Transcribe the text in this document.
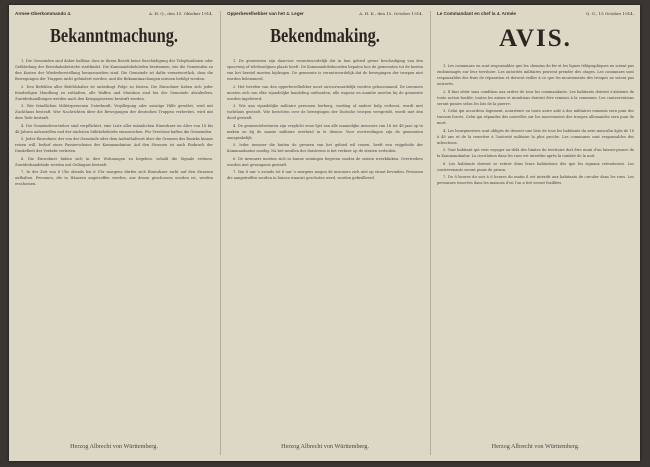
Armee-Oberkommando 4.	A. H. Q., den 15. Oktober 1914.
Bekanntmachung.

1. Die Gemeinden sind daher haftbar, dass in ihrem Bezirk keine Beschädigung der Telephonlinien oder Gefährdung der Eisenbahnbetriebe stattfindet. Die Kommandobehörden bestimmen, wie die Gemeinden zu den Kosten der Wiederherstellung heranzuziehen sind. Die Gemeinde ist dafür verantwortlich, dass die Bewegungen der Truppen nicht gehindert werden, und die Bekanntmachungen müssen befolgt werden.

2. Den Befehlen aller Befehlshaber ist unbedingt Folge zu leisten. Die Einwohner haben sich jeder feindseligen Handlung zu enthalten, alle Waffen und Munition sind bei der Gemeinde abzuliefern, Zuwiderhandlungen werden nach den Kriegsgesetzen bestraft werden.

3. Wer feindlichen Militärpersonen Unterkunft, Verpflegung oder sonstige Hilfe gewährt, wird mit Zuchthaus bestraft. Wer Nachrichten über die Bewegungen der deutschen Truppen verbreitet, wird mit dem Tode bestraft.

4. Die Gemeindevorsteher sind verpflichtet, eine Liste aller männlichen Einwohner im Alter von 18 bis 48 Jahren aufzustellen und der nächsten Militärbehörde einzureichen. Für Verstösse haften die Gemeinden.

5. Jeder Einwohner, der von der Gemeinde oder dem Aufenthaltsort über die Grenzen des Bezirks hinaus reisen will, bedarf eines Passierscheins der Kommandantur. Auf den Strassen ist nach Einbruch der Dunkelheit der Verkehr verboten.

6. Die Einwohner haben sich in ihre Wohnungen zu begeben, sobald die Signale ertönen. Zuwiderhandelnde werden mit Gefängnis bestraft.

7. In der Zeit von 8 Uhr abends bis 6 Uhr morgens dürfen sich Einwohner nicht auf den Strassen aufhalten. Personen, die in Häusern angetroffen werden, aus denen geschossen worden ist, werden erschossen.

Herzog Albrecht von Württemberg.
Opperbevelhebber van het 4. Leger	A. H. K., den 15. October 1914.
Bekendmaking.

1. De gemeenten zijn daarvoor verantwoordelijk dat in hun gebied geene beschadiging van den spoorweg of telefoonlijnen plaats heeft. De Kommandobehoorden bepalen hoe de gemeenten tot de kosten van het herstel moeten bijdragen. De gemeente is verantwoordelijk dat de bewegingen der troepen niet worden belemmerd.

2. Het bevelen van den opperbevelhebber moet onvoorwaardelijk worden gehoorzaamd. De inwoners moeten zich van elke vijandelijke handeling onthouden; alle wapens en munitie moeten bij de gemeente worden ingeleverd.

3. Wie aan vijandelijke militaire personen herberg, voeding of andere hulp verleent, wordt met tuchthuis gestraft. Wie berichten over de bewegingen der Duitsche troepen verspreidt, wordt met den dood gestraft.

4. De gemeentebesturen zijn verplicht eene lijst van alle mannelijke inwoners van 18 tot 48 jaar op te maken en bij de naaste militaire overheid in te dienen. Voor overtredingen zijn de gemeenten aansprakelijk.

5. Ieder inwoner die buiten de grenzen van het gebied wil reizen, heeft een vrijgeleide der Kommandantur noodig. Na het invallen der duisternis is het verkeer op de straten verboden.

6. De inwoners moeten zich in hunne woningen begeven zoodra de seinen weerklinken. Overtreders worden met gevangenis gestraft.

7. Van 8 uur 's avonds tot 6 uur 's morgens mogen de inwoners zich niet op straat bevinden. Personen die aangetroffen worden in huizen waaruit geschoten werd, worden gefusilleerd.

Herzog Albrecht von Württemberg.
Le Commandant en chef la 4. Armée	Q. G., 15 Octobre 1914.
AVIS.

1. Les communes en sont responsables que les chemins de fer et les lignes télégraphiques ne soient pas endommagés sur leur territoire. Les autorités militaires peuvent prendre des otages. Les communes sont responsables des frais de réparation et doivent veiller à ce que les mouvements des troupes ne soient pas entravés.

2. Il faut obéir sans condition aux ordres de tous les commandants. Les habitants doivent s'abstenir de toute action hostile; toutes les armes et munitions doivent être remises à la commune. Les contraventions seront punies selon les lois de la guerre.

3. Celui qui accordera logement, nourriture ou toute autre aide à des militaires ennemis sera puni des travaux forcés. Celui qui répandra des nouvelles sur les mouvements des troupes allemandes sera puni de mort.

4. Les bourgmestres sont obligés de dresser une liste de tous les habitants du sexe masculin âgés de 18 à 48 ans et de la remettre à l'autorité militaire la plus proche. Les communes sont responsables des infractions.

5. Tout habitant qui veut voyager au-delà des limites du territoire doit être muni d'un laissez-passer de la Kommandantur. La circulation dans les rues est interdite après la tombée de la nuit.

6. Les habitants doivent se retirer dans leurs habitations dès que les signaux retentissent. Les contrevenants seront punis de prison.

7. De 8 heures du soir à 6 heures du matin il est interdit aux habitants de circuler dans les rues. Les personnes trouvées dans les maisons d'où l'on a tiré seront fusillées.

Herzog Albrecht von Württemberg.
